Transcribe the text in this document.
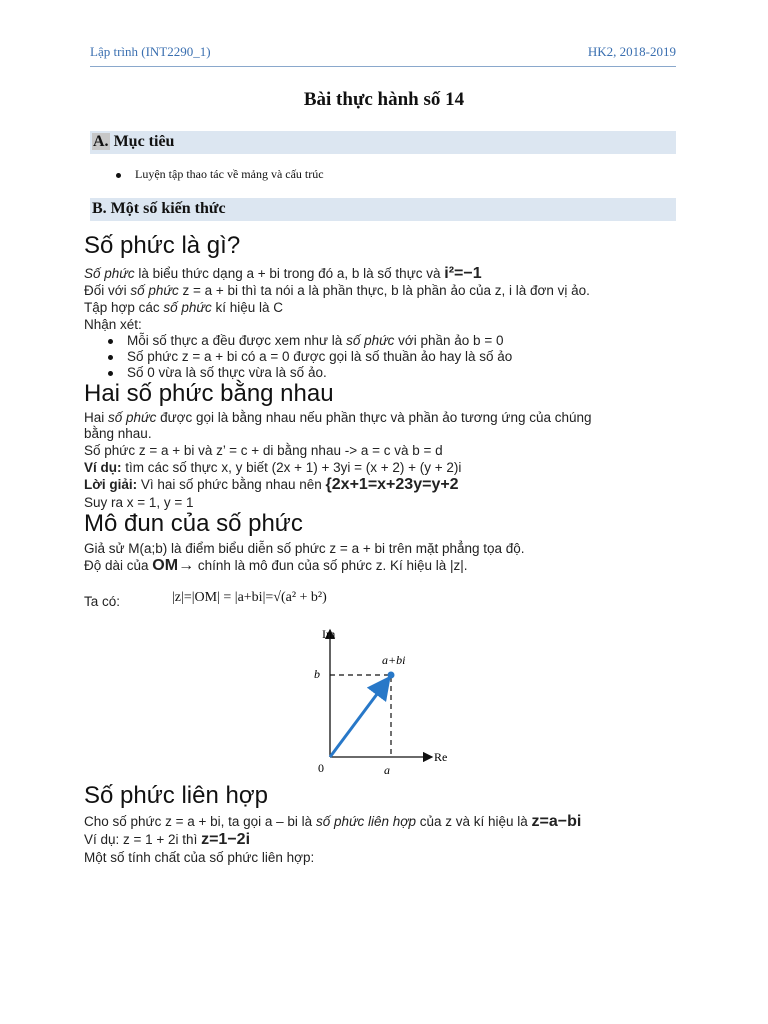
Lập trình (INT2290_1)	HK2, 2018-2019
Bài thực hành số 14
A. Mục tiêu
Luyện tập thao tác về mảng và cấu trúc
B. Một số kiến thức
Số phức là gì?
Số phức là biểu thức dạng a + bi trong đó a, b là số thực và i²=−1
Đối với số phức z = a + bi thì ta nói a là phần thực, b là phần ảo của z, i là đơn vị ảo.
Tập hợp các số phức kí hiệu là C
Nhận xét:
Mỗi số thực a đều được xem như là số phức với phần ảo b = 0
Số phức z = a + bi có a = 0 được gọi là số thuần ảo hay là số ảo
Số 0 vừa là số thực vừa là số ảo.
Hai số phức bằng nhau
Hai số phức được gọi là bằng nhau nếu phần thực và phần ảo tương ứng của chúng
bằng nhau.
Số phức z = a + bi và z’ = c + di bằng nhau -> a = c và b = d
Ví dụ: tìm các số thực x, y biết (2x + 1) + 3yi = (x + 2) + (y + 2)i
Lời giải: Vì hai số phức bằng nhau nên {2x+1=x+23y=y+2
Suy ra x = 1, y = 1
Mô đun của số phức
Giả sử M(a;b) là điểm biểu diễn số phức z = a + bi trên mặt phẳng tọa độ.
Độ dài của OM→ chính là mô đun của số phức z. Kí hiệu là |z|.
Ta có:	|z|=|OM| = |a+bi|=√(a² + b²)
Im
Re
0
a+bi
b
a
Số phức liên hợp
Cho số phức z = a + bi, ta gọi a – bi là số phức liên hợp của z và kí hiệu là z=a−bi
Ví dụ: z = 1 + 2i thì z=1−2i
Một số tính chất của số phức liên hợp:
